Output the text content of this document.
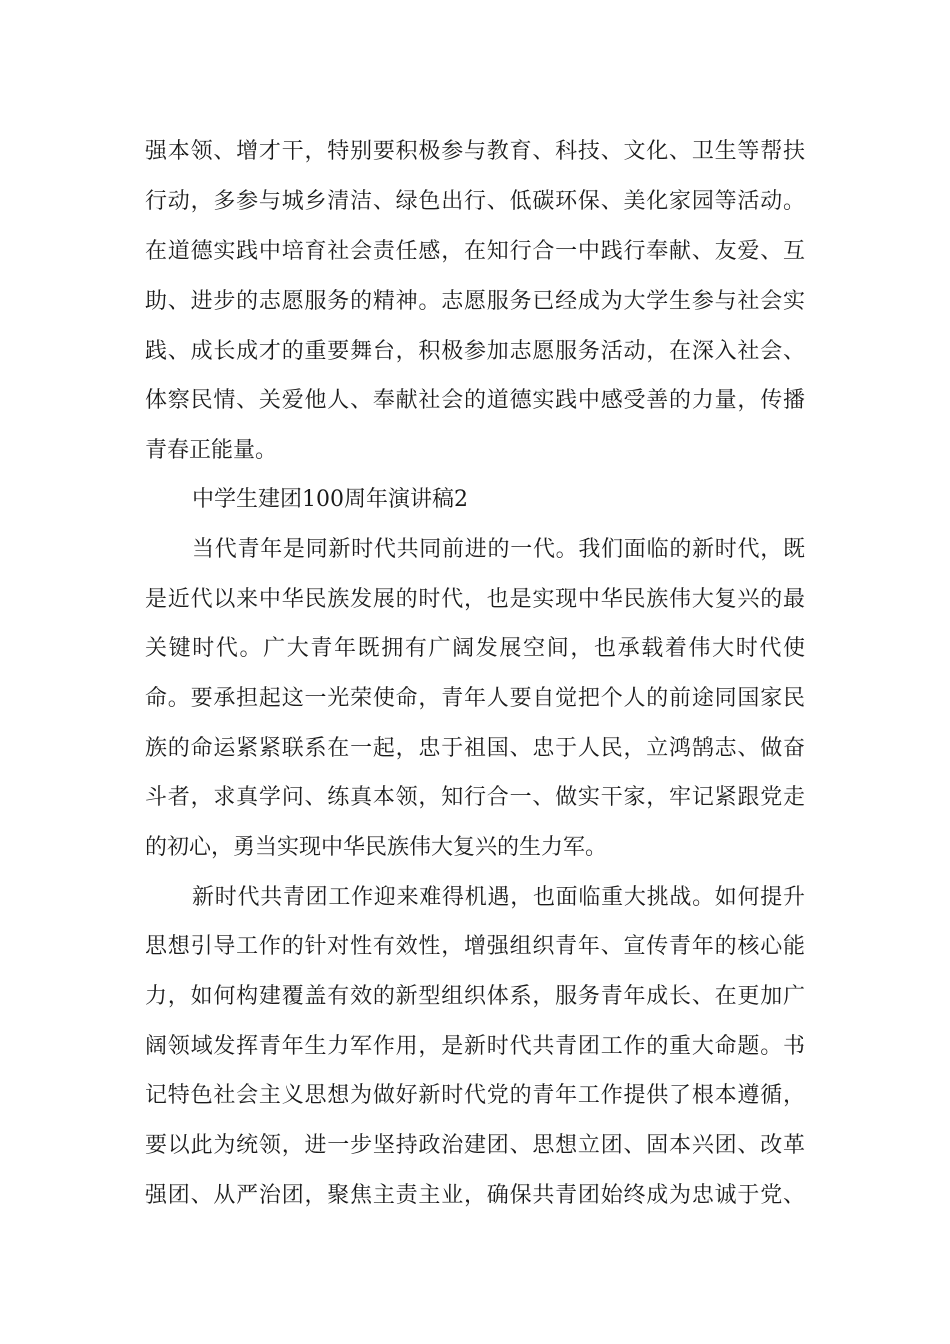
强本领、增才干，特别要积极参与教育、科技、文化、卫生等帮扶
行动，多参与城乡清洁、绿色出行、低碳环保、美化家园等活动。
在道德实践中培育社会责任感，在知行合一中践行奉献、友爱、互
助、进步的志愿服务的精神。志愿服务已经成为大学生参与社会实
践、成长成才的重要舞台，积极参加志愿服务活动，在深入社会、
体察民情、关爱他人、奉献社会的道德实践中感受善的力量，传播
青春正能量。
中学生建团100周年演讲稿2
当代青年是同新时代共同前进的一代。我们面临的新时代，既
是近代以来中华民族发展的时代，也是实现中华民族伟大复兴的最
关键时代。广大青年既拥有广阔发展空间，也承载着伟大时代使
命。要承担起这一光荣使命，青年人要自觉把个人的前途同国家民
族的命运紧紧联系在一起，忠于祖国、忠于人民，立鸿鹄志、做奋
斗者，求真学问、练真本领，知行合一、做实干家，牢记紧跟党走
的初心，勇当实现中华民族伟大复兴的生力军。
新时代共青团工作迎来难得机遇，也面临重大挑战。如何提升
思想引导工作的针对性有效性，增强组织青年、宣传青年的核心能
力，如何构建覆盖有效的新型组织体系，服务青年成长、在更加广
阔领域发挥青年生力军作用，是新时代共青团工作的重大命题。书
记特色社会主义思想为做好新时代党的青年工作提供了根本遵循，
要以此为统领，进一步坚持政治建团、思想立团、固本兴团、改革
强团、从严治团，聚焦主责主业，确保共青团始终成为忠诚于党、
